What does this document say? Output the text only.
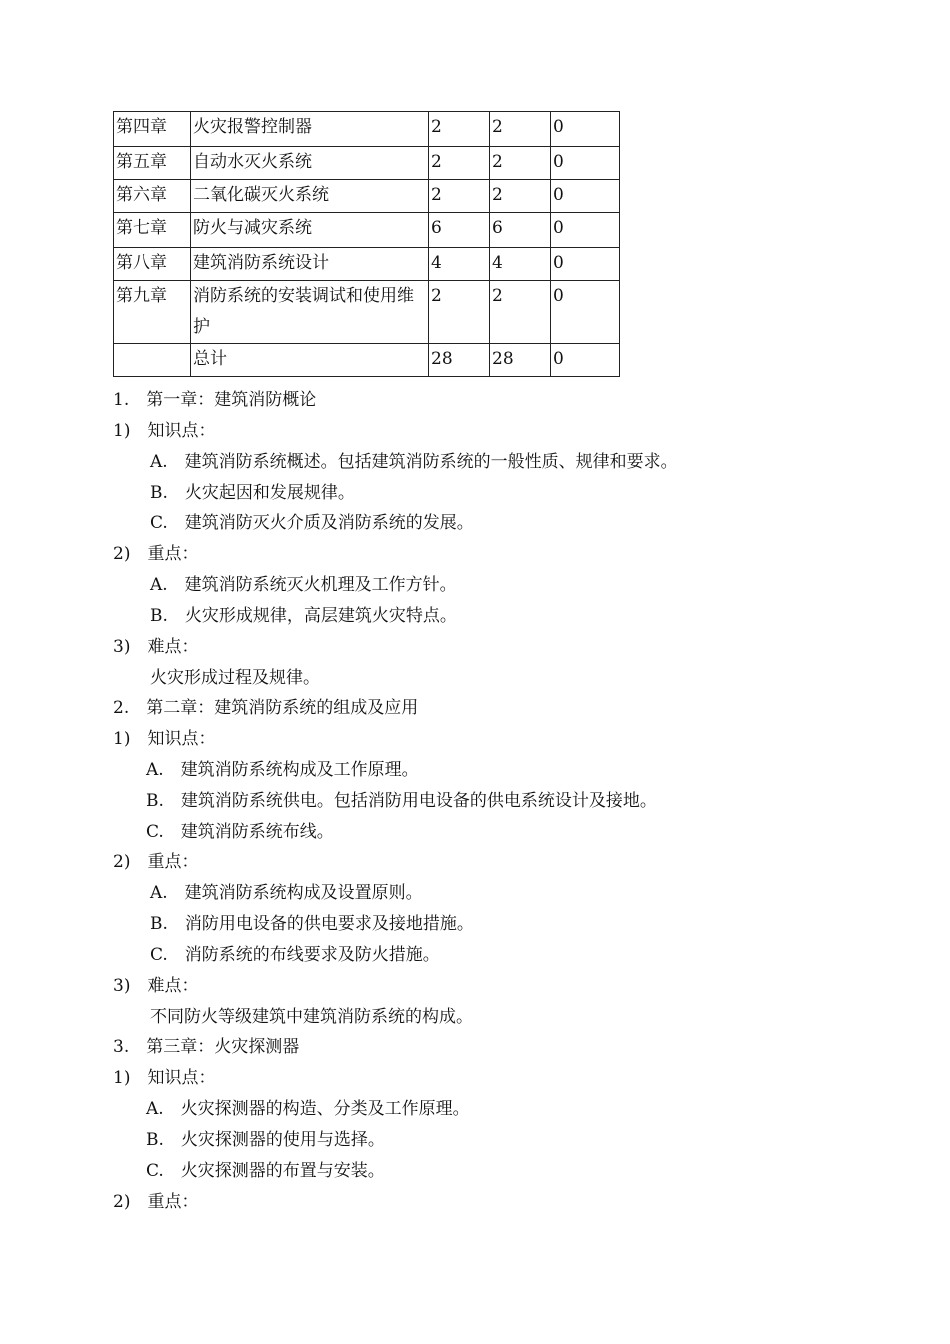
第四章	火灾报警控制器	2	2	0
第五章	自动水灭火系统	2	2	0
第六章	二氧化碳灭火系统	2	2	0
第七章	防火与减灾系统	6	6	0
第八章	建筑消防系统设计	4	4	0
第九章	消防系统的安装调试和使用维护	2	2	0
	总计	28	28	0
1.　第一章：建筑消防概论
1)　知识点：
A.　建筑消防系统概述。包括建筑消防系统的一般性质、规律和要求。
B.　火灾起因和发展规律。
C.　建筑消防灭火介质及消防系统的发展。
2)　重点：
A.　建筑消防系统灭火机理及工作方针。
B.　火灾形成规律，高层建筑火灾特点。
3)　难点：
火灾形成过程及规律。
2.　第二章：建筑消防系统的组成及应用
1)　知识点：
A.　建筑消防系统构成及工作原理。
B.　建筑消防系统供电。包括消防用电设备的供电系统设计及接地。
C.　建筑消防系统布线。
2)　重点：
A.　建筑消防系统构成及设置原则。
B.　消防用电设备的供电要求及接地措施。
C.　消防系统的布线要求及防火措施。
3)　难点：
不同防火等级建筑中建筑消防系统的构成。
3.　第三章：火灾探测器
1)　知识点：
A.　火灾探测器的构造、分类及工作原理。
B.　火灾探测器的使用与选择。
C.　火灾探测器的布置与安装。
2)　重点：
